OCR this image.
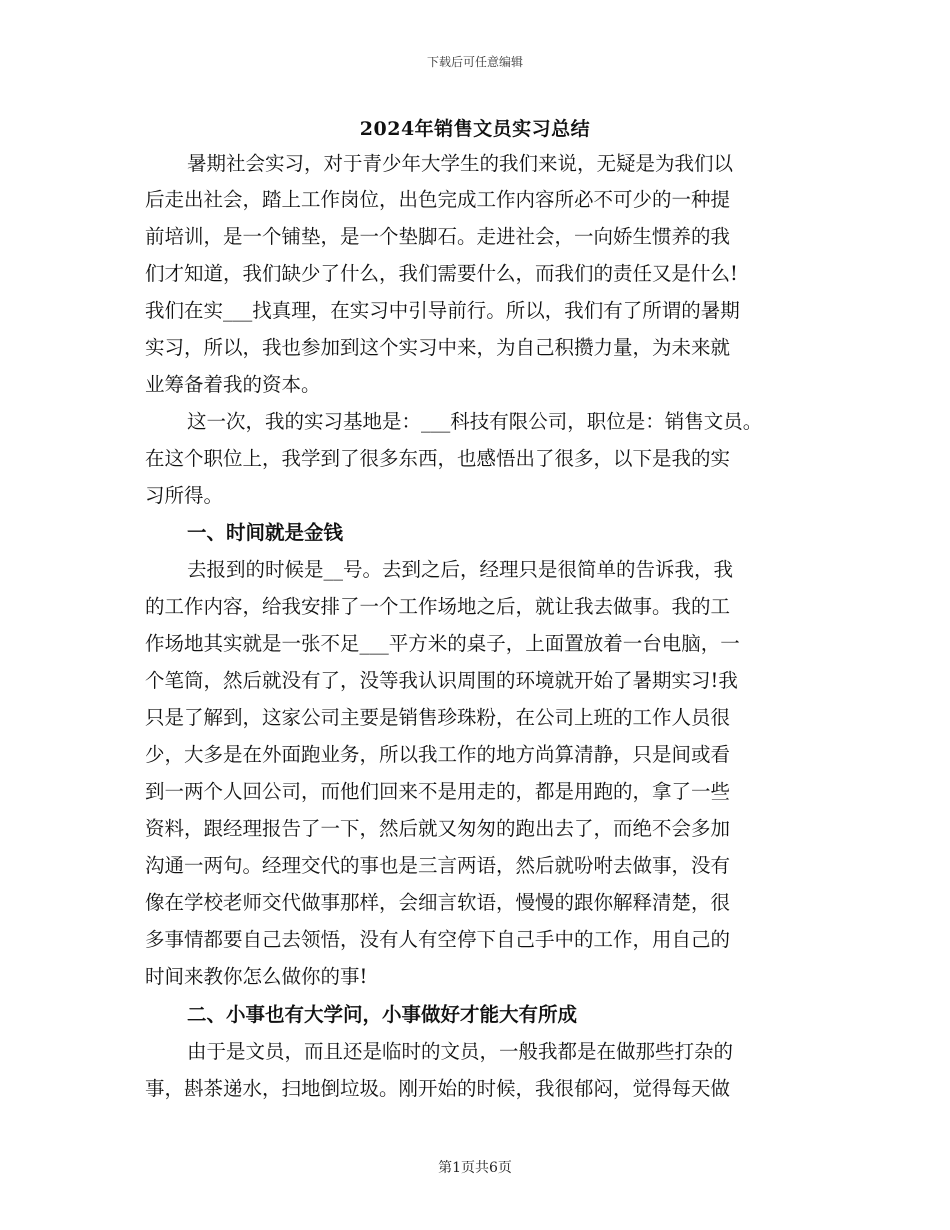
下载后可任意编辑
2024年销售文员实习总结
暑期社会实习，对于青少年大学生的我们来说，无疑是为我们以
后走出社会，踏上工作岗位，出色完成工作内容所必不可少的一种提
前培训，是一个铺垫，是一个垫脚石。走进社会，一向娇生惯养的我
们才知道，我们缺少了什么，我们需要什么，而我们的责任又是什么!
我们在实___找真理，在实习中引导前行。所以，我们有了所谓的暑期
实习，所以，我也参加到这个实习中来，为自己积攒力量，为未来就
业筹备着我的资本。
这一次，我的实习基地是：___科技有限公司，职位是：销售文员。
在这个职位上，我学到了很多东西，也感悟出了很多，以下是我的实
习所得。
一、时间就是金钱
去报到的时候是__号。去到之后，经理只是很简单的告诉我，我
的工作内容，给我安排了一个工作场地之后，就让我去做事。我的工
作场地其实就是一张不足___平方米的桌子，上面置放着一台电脑，一
个笔筒，然后就没有了，没等我认识周围的环境就开始了暑期实习!我
只是了解到，这家公司主要是销售珍珠粉，在公司上班的工作人员很
少，大多是在外面跑业务，所以我工作的地方尚算清静，只是间或看
到一两个人回公司，而他们回来不是用走的，都是用跑的，拿了一些
资料，跟经理报告了一下，然后就又匆匆的跑出去了，而绝不会多加
沟通一两句。经理交代的事也是三言两语，然后就吩咐去做事，没有
像在学校老师交代做事那样，会细言软语，慢慢的跟你解释清楚，很
多事情都要自己去领悟，没有人有空停下自己手中的工作，用自己的
时间来教你怎么做你的事!
二、小事也有大学问，小事做好才能大有所成
由于是文员，而且还是临时的文员，一般我都是在做那些打杂的
事，斟茶递水，扫地倒垃圾。刚开始的时候，我很郁闷，觉得每天做
第1页共6页
